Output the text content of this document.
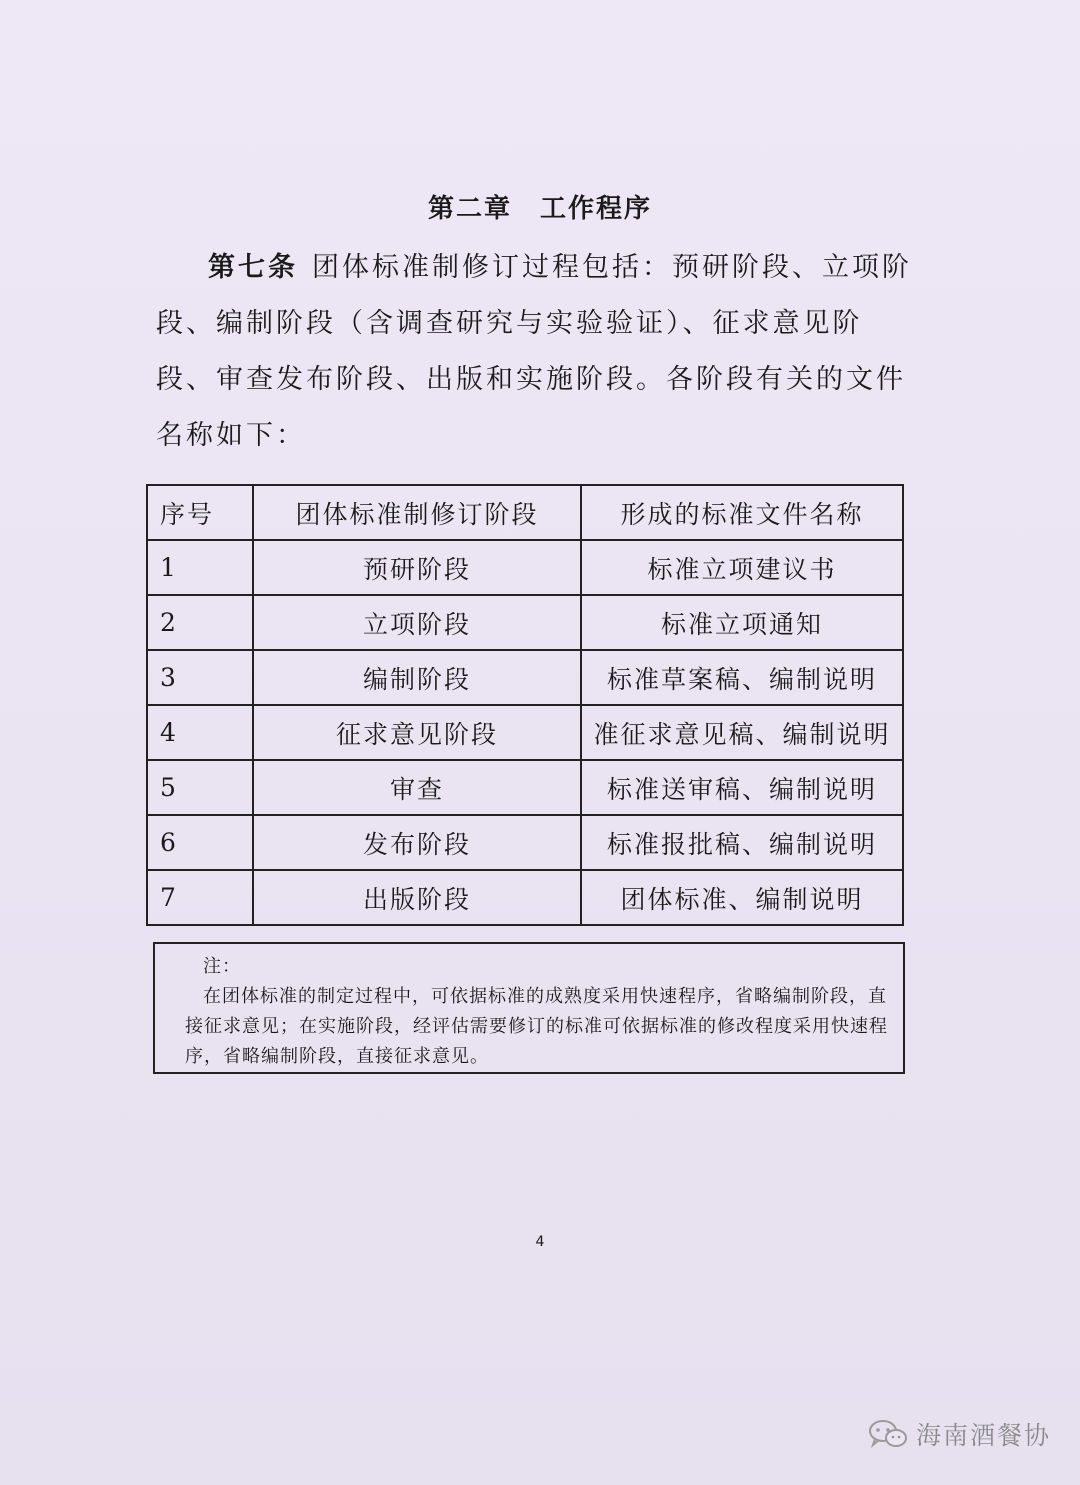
第二章　工作程序
第七条 团体标准制修订过程包括：预研阶段、立项阶段、编制阶段（含调查研究与实验验证）、征求意见阶段、审查发布阶段、出版和实施阶段。各阶段有关的文件名称如下：
序号	团体标准制修订阶段	形成的标准文件名称
1	预研阶段	标准立项建议书
2	立项阶段	标准立项通知
3	编制阶段	标准草案稿、编制说明
4	征求意见阶段	准征求意见稿、编制说明
5	审查	标准送审稿、编制说明
6	发布阶段	标准报批稿、编制说明
7	出版阶段	团体标准、编制说明
注：

在团体标准的制定过程中，可依据标准的成熟度采用快速程序，省略编制阶段，直接征求意见；在实施阶段，经评估需要修订的标准可依据标准的修改程度采用快速程序，省略编制阶段，直接征求意见。

4
海南酒餐协
